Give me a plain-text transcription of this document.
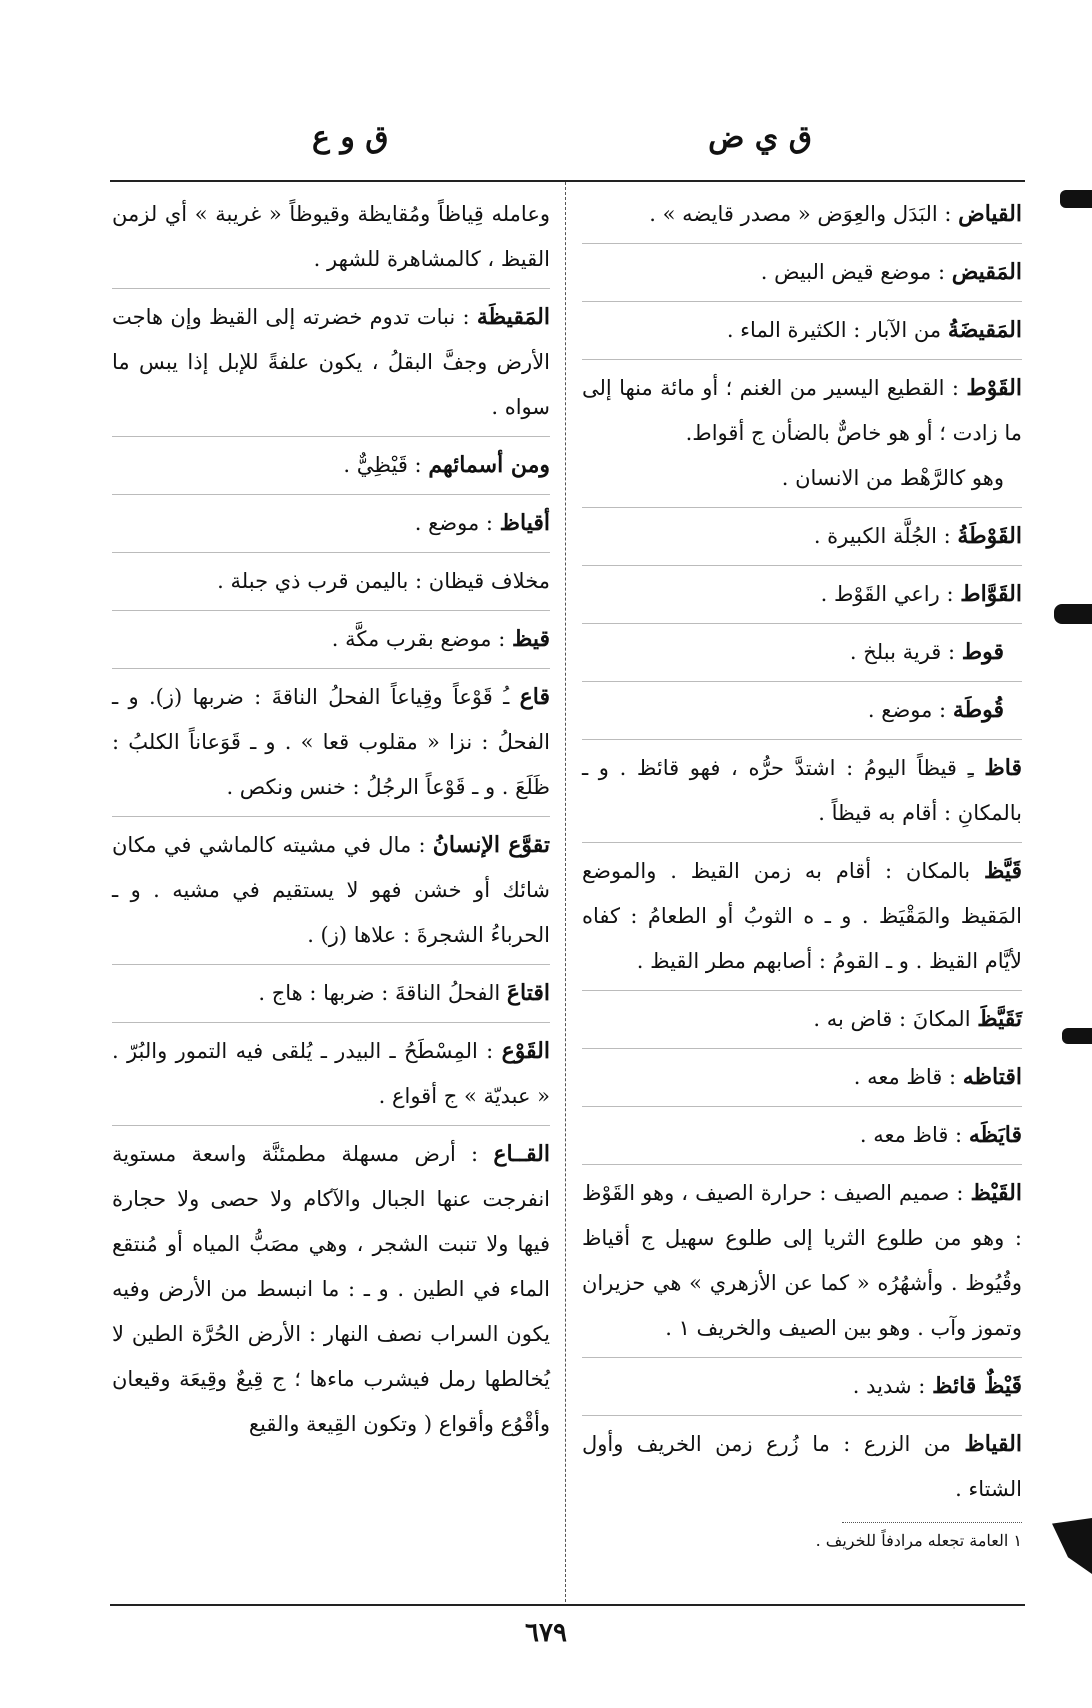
ق ي ض
ق و ع

القياض : البَدَل والعِوَض « مصدر قايضه » .

المَقيض : موضع قيض البيض .

المَقيضَةُ من الآبار : الكثيرة الماء .

القَوْط : القطيع اليسير من الغنم ؛ أو مائة منها إلى ما زادت ؛ أو هو خاصٌّ بالضأن ج أقواط.
وهو كالرَّهْط من الانسان .

القَوْطَةُ : الجُلَّة الكبيرة .

القَوَّاط : راعي القَوْط .

قوط : قرية ببلخ .

قُوطَة : موضع .

قاظ ـِ قيظاً اليومُ : اشتدَّ حرُّه ، فهو قائظ . و ـ بالمكانِ : أقام به قيظاً .

قَيَّظ بالمكان : أقام به زمن القيظ . والموضع المَقيظ والمَقْيَظ . و ـ ه الثوبُ أو الطعامُ : كفاه لأيَّام القيظ . و ـ القومُ : أصابهم مطر القيظ .

تَقَيَّظَ المكانَ : قاض به .

اقتاظه : قاظ معه .

قايَظَه : قاظ معه .

القَيْظ : صميم الصيف : حرارة الصيف ، وهو القَوْظ : وهو من طلوع الثريا إلى طلوع سهيل ج أقياظ وقُيُوظ . وأشهُرُه « كما عن الأزهري » هي حزيران وتموز وآب . وهو بين الصيف والخريف ١ .

قَيْظٌ قائظ : شديد .

القياظ من الزرع : ما زُرع زمن الخريف وأول الشتاء .

١ العامة تجعله مرادفاً للخريف .

وعامله قِياظاً ومُقايظة وقيوظاً « غريبة » أي لزمن القيظ ، كالمشاهرة للشهر .

المَقيظَة : نبات تدوم خضرته إلى القيظ وإن هاجت الأرض وجفَّ البقلُ ، يكون علفةً للإبل إذا يبس ما سواه .

ومن أسمائهم : قَيْظِيٌّ .

أقياظ : موضع .

مخلاف قيظان : باليمن قرب ذي جبلة .

قيظ : موضع بقرب مكَّة .

قاع ـُ قَوْعاً وقِياعاً الفحلُ الناقةَ : ضربها (ز). و ـ الفحلُ : نزا « مقلوب قعا » . و ـ قَوَعاناً الكلبُ : ظَلَعَ . و ـ قَوْعاً الرجُلُ : خنس ونكص .

تقوَّع الإنسانُ : مال في مشيته كالماشي في مكان شائك أو خشن فهو لا يستقيم في مشيه . و ـ الحرباءُ الشجرةَ : علاها (ز) .

اقتاعَ الفحلُ الناقةَ : ضربها : هاج .

القَوْع : المِسْطَحُ ـ البيدر ـ يُلقى فيه التمور والبُرّ . « عبديّة » ج أقواع .

القــاع : أرض مسهلة مطمئنَّة واسعة مستوية انفرجت عنها الجبال والآكام ولا حصى ولا حجارة فيها ولا تنبت الشجر ، وهي مصَبُّ المياه أو مُنتقع الماء في الطين . و ـ : ما انبسط من الأرض وفيه يكون السراب نصف النهار : الأرض الحُرَّة الطين لا يُخالطها رمل فيشرب ماءها ؛ ج قِيعٌ وقِيعَة وقيعان وأقْوُع وأقواع ( وتكون القِيعة والقيع

٦٧٩
